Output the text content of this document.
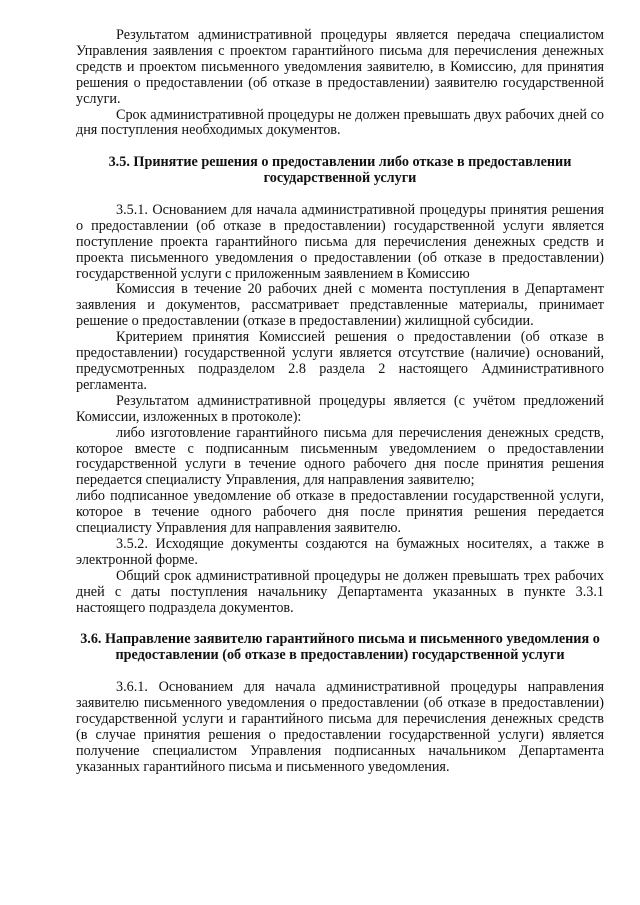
Результатом административной процедуры является передача специалистом Управления заявления с проектом гарантийного письма для перечисления денежных средств и проектом письменного уведомления заявителю, в Комиссию, для принятия решения о предоставлении (об отказе в предоставлении) заявителю государственной услуги.

Срок административной процедуры не должен превышать двух рабочих дней со дня поступления необходимых документов.

3.5. Принятие решения о предоставлении либо отказе в предоставлении государственной услуги

3.5.1. Основанием для начала административной процедуры принятия решения о предоставлении (об отказе в предоставлении) государственной услуги является поступление проекта гарантийного письма для перечисления денежных средств и проекта письменного уведомления о предоставлении (об отказе в предоставлении) государственной услуги с приложенным заявлением в Комиссию

Комиссия в течение 20 рабочих дней с момента поступления в Департамент заявления и документов, рассматривает представленные материалы, принимает решение о предоставлении (отказе в предоставлении) жилищной субсидии.

Критерием принятия Комиссией решения о предоставлении (об отказе в предоставлении) государственной услуги является отсутствие (наличие) оснований, предусмотренных подразделом 2.8 раздела 2 настоящего Административного регламента.

Результатом административной процедуры является (с учётом предложений Комиссии, изложенных в протоколе):

либо изготовление гарантийного письма для перечисления денежных средств, которое вместе с подписанным письменным уведомлением о предоставлении государственной услуги в течение одного рабочего дня после принятия решения передается специалисту Управления, для направления заявителю;

либо подписанное уведомление об отказе в предоставлении государственной услуги, которое в течение одного рабочего дня после принятия решения передается специалисту Управления для направления заявителю.

3.5.2. Исходящие документы создаются на бумажных носителях, а также в электронной форме.

Общий срок административной процедуры не должен превышать трех рабочих дней с даты поступления начальнику Департамента указанных в пункте 3.3.1 настоящего подраздела документов.

3.6. Направление заявителю гарантийного письма и письменного уведомления о предоставлении (об отказе в предоставлении) государственной услуги

3.6.1. Основанием для начала административной процедуры направления заявителю письменного уведомления о предоставлении (об отказе в предоставлении) государственной услуги и гарантийного письма для перечисления денежных средств (в случае принятия решения о предоставлении государственной услуги) является получение специалистом Управления подписанных начальником Департамента указанных гарантийного письма и письменного уведомления.
